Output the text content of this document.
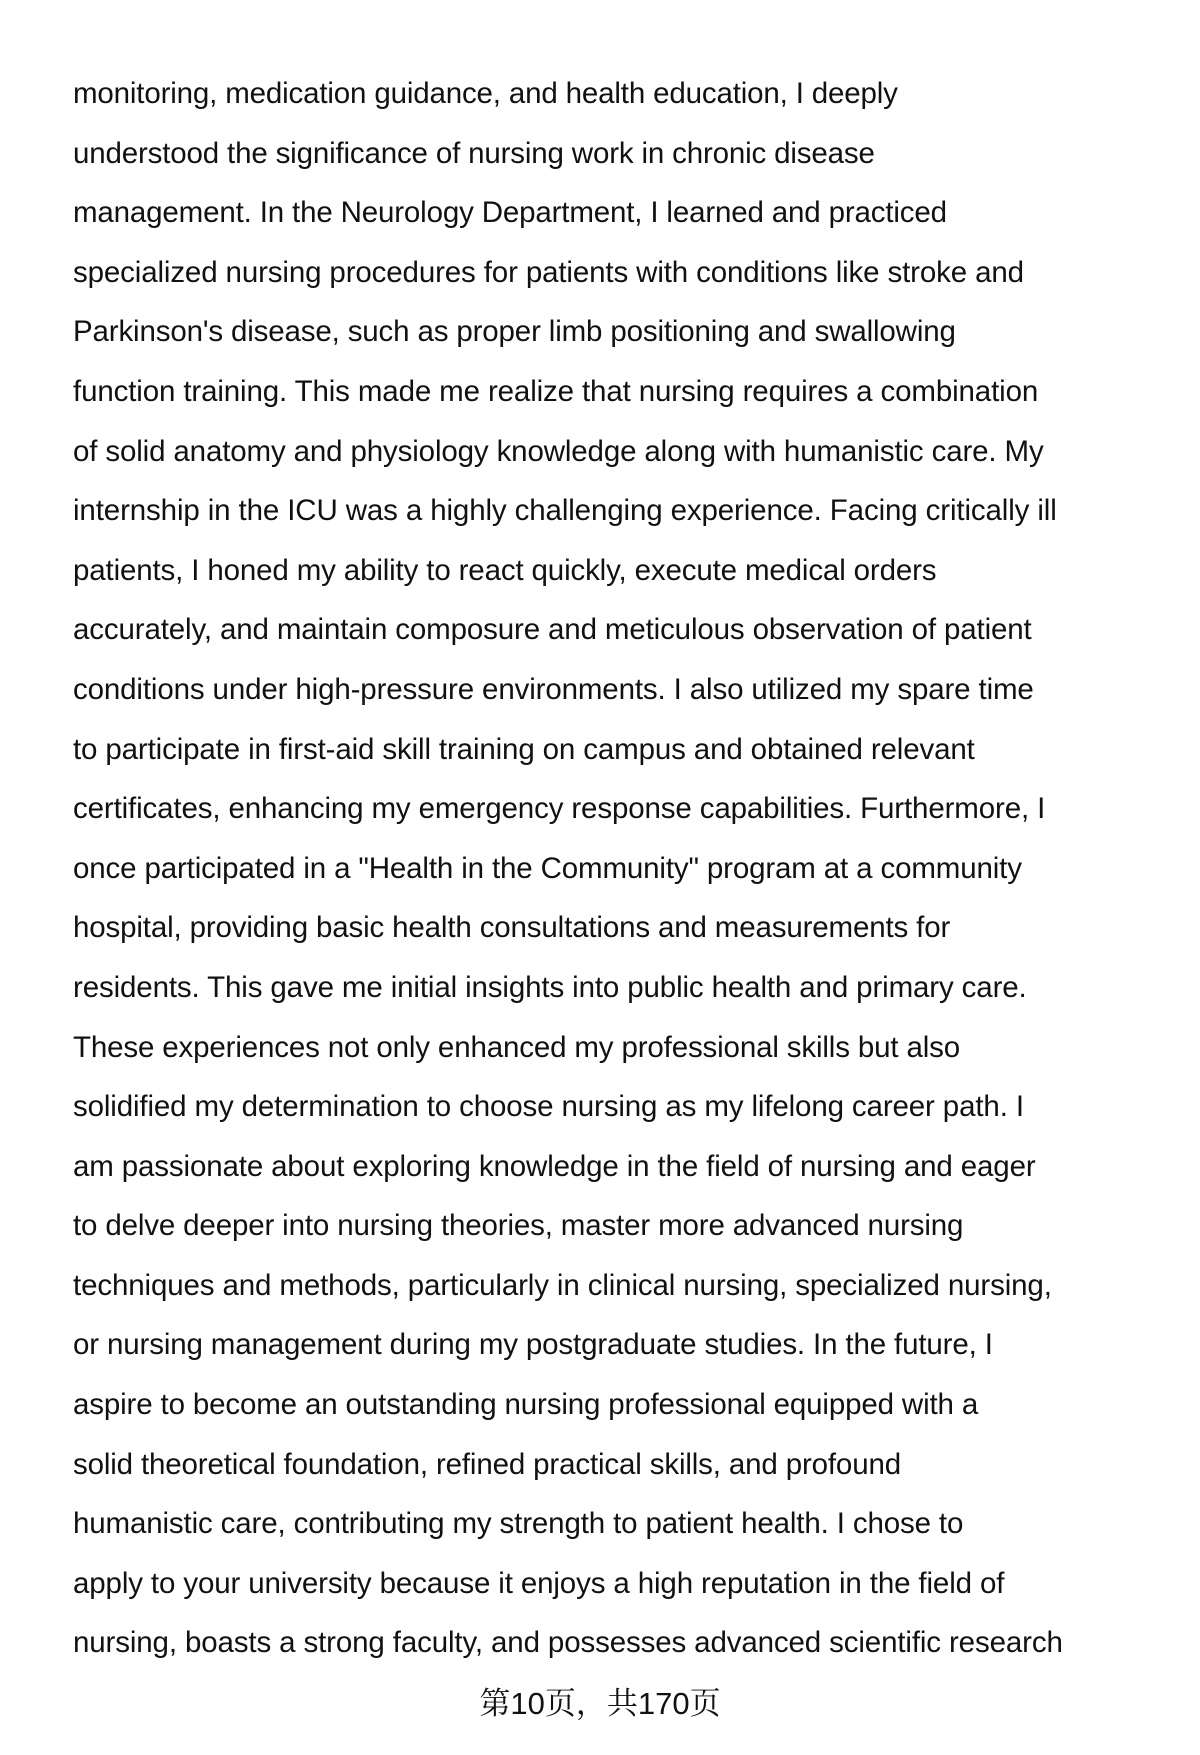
monitoring, medication guidance, and health education, I deeply
understood the significance of nursing work in chronic disease
management. In the Neurology Department, I learned and practiced
specialized nursing procedures for patients with conditions like stroke and
Parkinson's disease, such as proper limb positioning and swallowing
function training. This made me realize that nursing requires a combination
of solid anatomy and physiology knowledge along with humanistic care. My
internship in the ICU was a highly challenging experience. Facing critically ill
patients, I honed my ability to react quickly, execute medical orders
accurately, and maintain composure and meticulous observation of patient
conditions under high-pressure environments. I also utilized my spare time
to participate in first-aid skill training on campus and obtained relevant
certificates, enhancing my emergency response capabilities. Furthermore, I
once participated in a "Health in the Community" program at a community
hospital, providing basic health consultations and measurements for
residents. This gave me initial insights into public health and primary care.
These experiences not only enhanced my professional skills but also
solidified my determination to choose nursing as my lifelong career path. I
am passionate about exploring knowledge in the field of nursing and eager
to delve deeper into nursing theories, master more advanced nursing
techniques and methods, particularly in clinical nursing, specialized nursing,
or nursing management during my postgraduate studies. In the future, I
aspire to become an outstanding nursing professional equipped with a
solid theoretical foundation, refined practical skills, and profound
humanistic care, contributing my strength to patient health. I chose to
apply to your university because it enjoys a high reputation in the field of
nursing, boasts a strong faculty, and possesses advanced scientific research
第10页，共170页
